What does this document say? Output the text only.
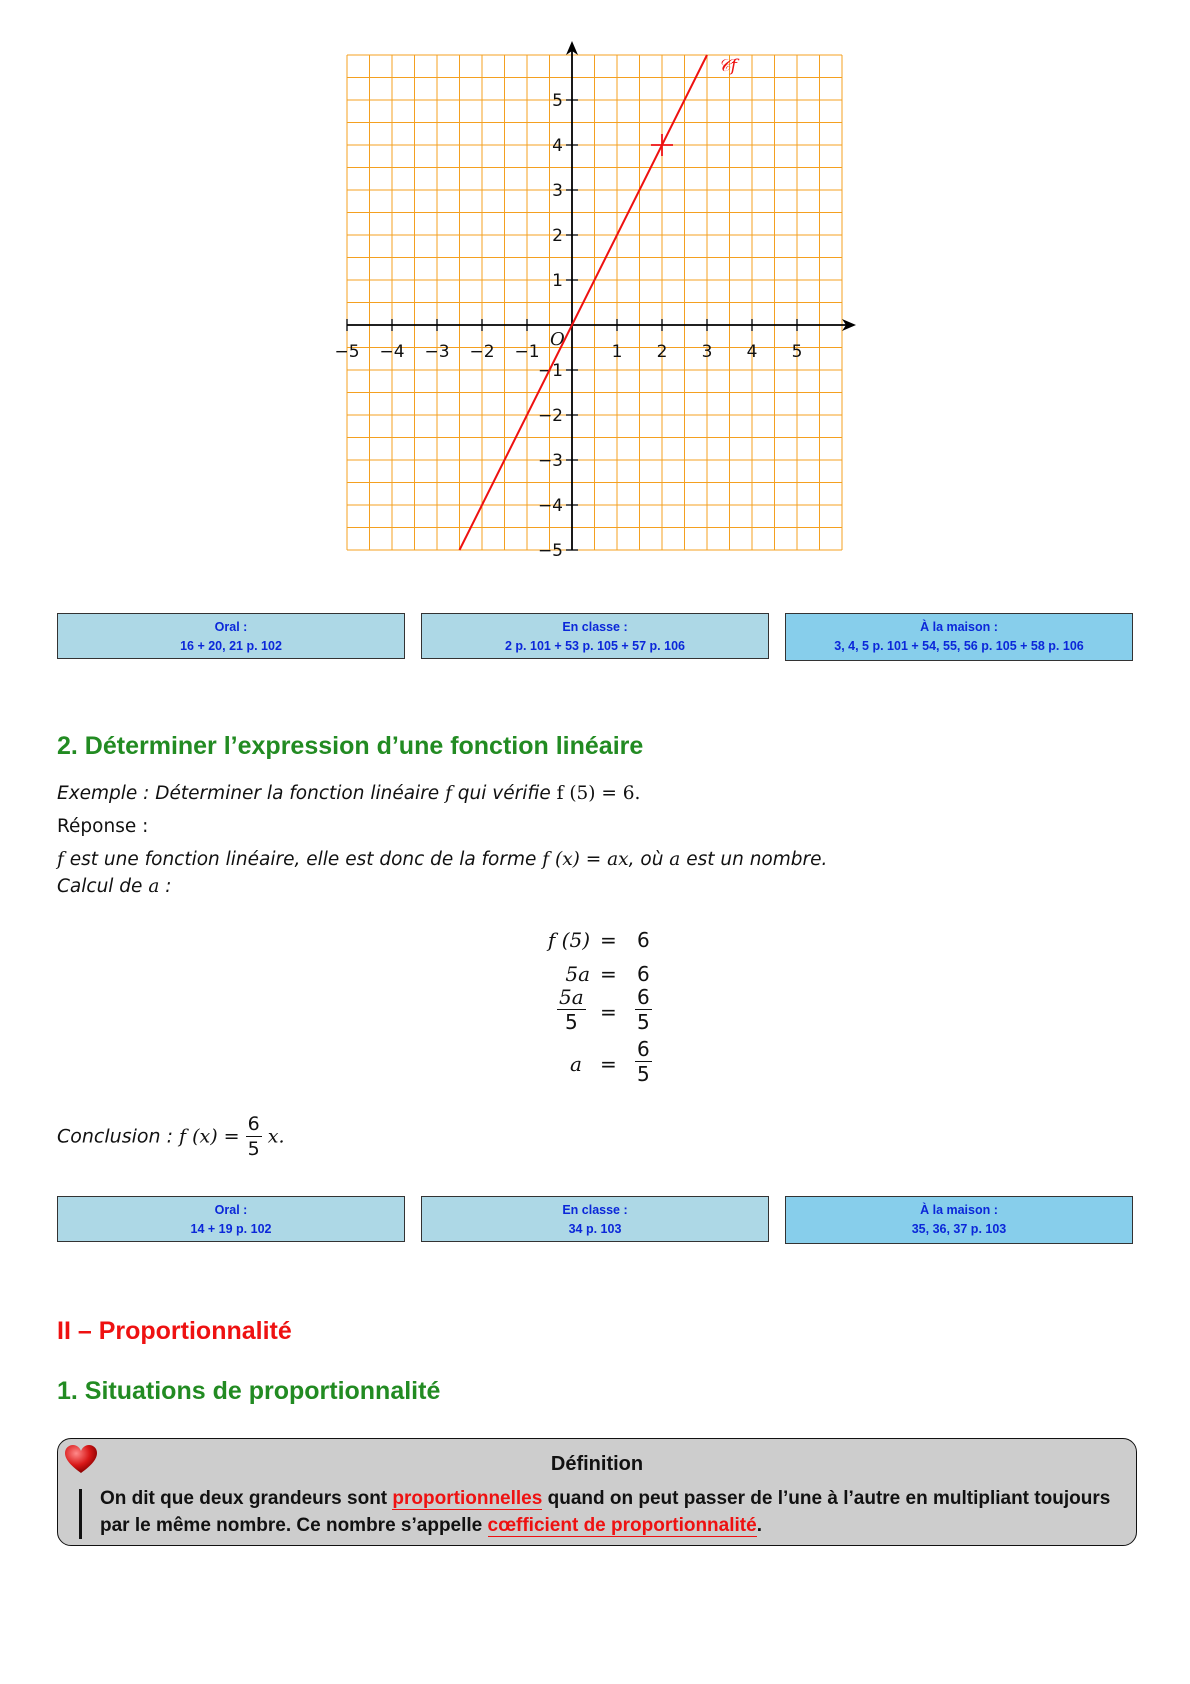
−5 −4 −3 −2 −1	1 2 3 4 5
5
4
3
2
1
−1
−2
−3
−4
−5
O
𝒞f
Oral :
16 + 20, 21 p. 102
En classe :
2 p. 101 + 53 p. 105 + 57 p. 106
À la maison :
3, 4, 5 p. 101 + 54, 55, 56 p. 105 + 58 p. 106
2. Déterminer l’expression d’une fonction linéaire
Exemple : Déterminer la fonction linéaire f qui vérifie f (5) = 6.
Réponse :
f est une fonction linéaire, elle est donc de la forme f (x) = ax, où a est un nombre.
Calcul de a :
f (5) = 6
5a = 6
$\frac{5a}{5} = \frac{6}{5}$
$a = \frac{6}{5}$
Conclusion : f $(x) = \frac{6}{5} x$.
Oral :
14 + 19 p. 102
En classe :
34 p. 103
À la maison :
35, 36, 37 p. 103
II – Proportionnalité
1. Situations de proportionnalité
Définition
On dit que deux grandeurs sont proportionnelles quand on peut passer de l’une à l’autre en multipliant toujours par le même nombre. Ce nombre s’appelle cœfficient de proportionnalité.
